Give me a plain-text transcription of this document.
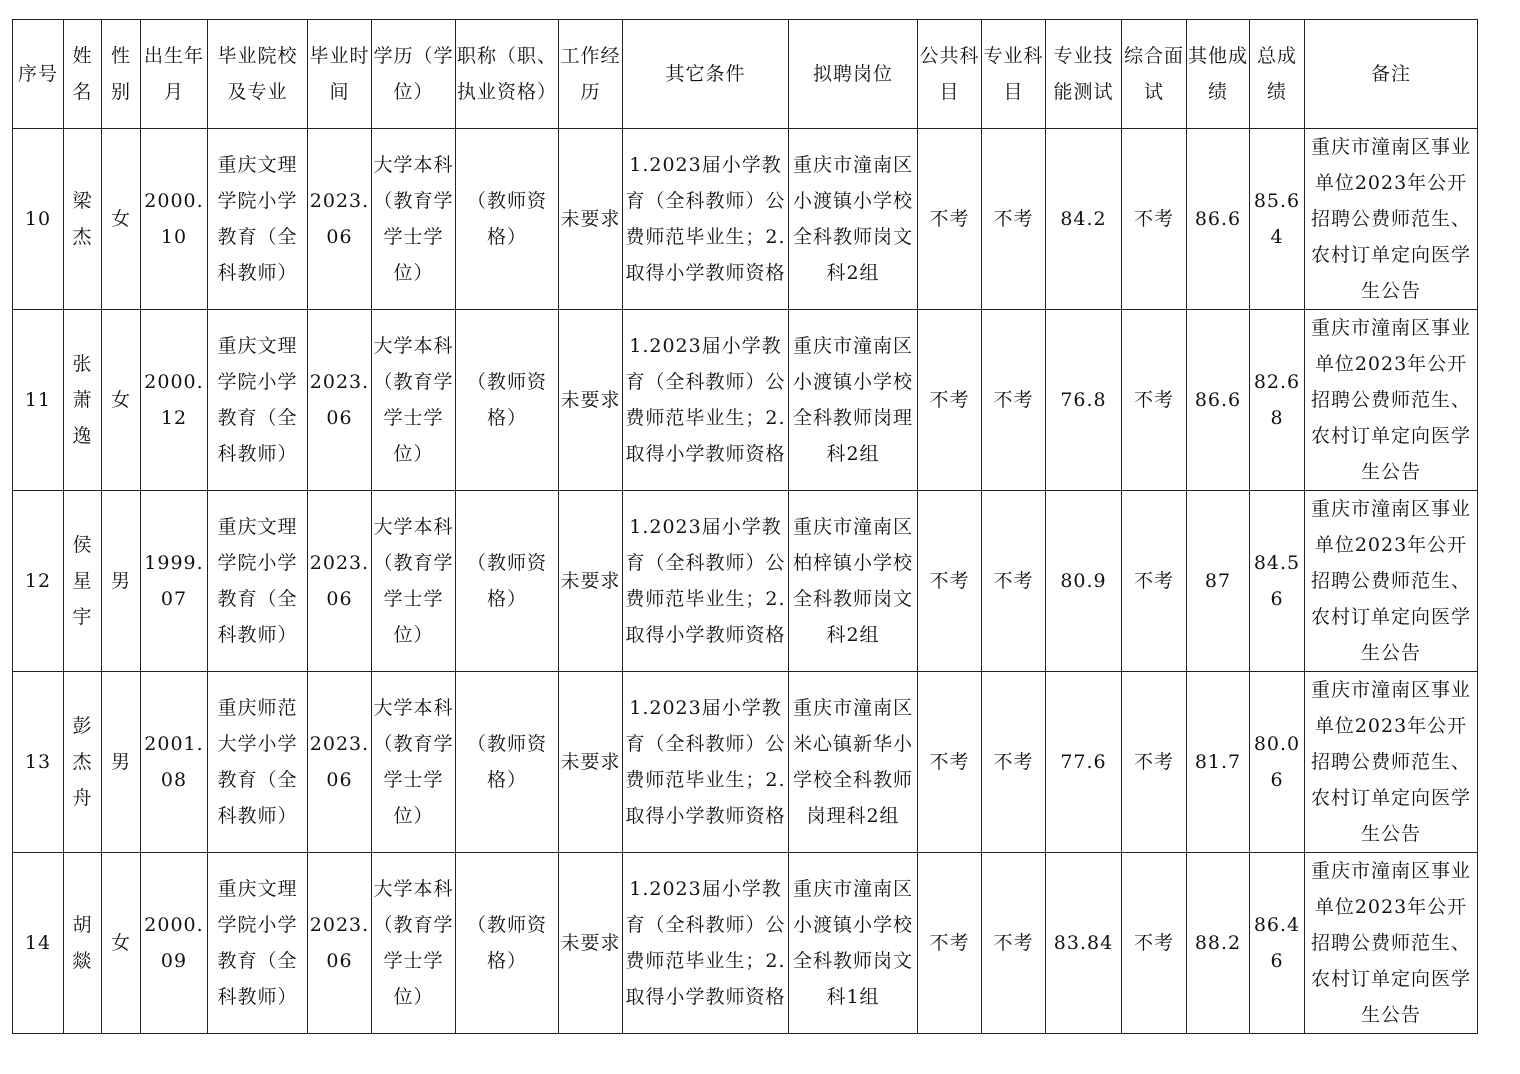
序号	姓名	性别	出生年月	毕业院校及专业	毕业时间	学历（学位）	职称（职、执业资格）	工作经历	其它条件	拟聘岗位	公共科目	专业科目	专业技能测试	综合面试	其他成绩	总成绩	备注
10	梁杰	女	2000.10	重庆文理学院小学教育（全科教师）	2023.06	大学本科（教育学学士学位）	（教师资格）	未要求	1.2023届小学教育（全科教师）公费师范毕业生；2.取得小学教师资格	重庆市潼南区小渡镇小学校全科教师岗文科2组	不考	不考	84.2	不考	86.6	85.64	重庆市潼南区事业单位2023年公开招聘公费师范生、农村订单定向医学生公告
11	张萧逸	女	2000.12	重庆文理学院小学教育（全科教师）	2023.06	大学本科（教育学学士学位）	（教师资格）	未要求	1.2023届小学教育（全科教师）公费师范毕业生；2.取得小学教师资格	重庆市潼南区小渡镇小学校全科教师岗理科2组	不考	不考	76.8	不考	86.6	82.68	重庆市潼南区事业单位2023年公开招聘公费师范生、农村订单定向医学生公告
12	侯星宇	男	1999.07	重庆文理学院小学教育（全科教师）	2023.06	大学本科（教育学学士学位）	（教师资格）	未要求	1.2023届小学教育（全科教师）公费师范毕业生；2.取得小学教师资格	重庆市潼南区柏梓镇小学校全科教师岗文科2组	不考	不考	80.9	不考	87	84.56	重庆市潼南区事业单位2023年公开招聘公费师范生、农村订单定向医学生公告
13	彭杰舟	男	2001.08	重庆师范大学小学教育（全科教师）	2023.06	大学本科（教育学学士学位）	（教师资格）	未要求	1.2023届小学教育（全科教师）公费师范毕业生；2.取得小学教师资格	重庆市潼南区米心镇新华小学校全科教师岗理科2组	不考	不考	77.6	不考	81.7	80.06	重庆市潼南区事业单位2023年公开招聘公费师范生、农村订单定向医学生公告
14	胡燚	女	2000.09	重庆文理学院小学教育（全科教师）	2023.06	大学本科（教育学学士学位）	（教师资格）	未要求	1.2023届小学教育（全科教师）公费师范毕业生；2.取得小学教师资格	重庆市潼南区小渡镇小学校全科教师岗文科1组	不考	不考	83.84	不考	88.2	86.46	重庆市潼南区事业单位2023年公开招聘公费师范生、农村订单定向医学生公告
